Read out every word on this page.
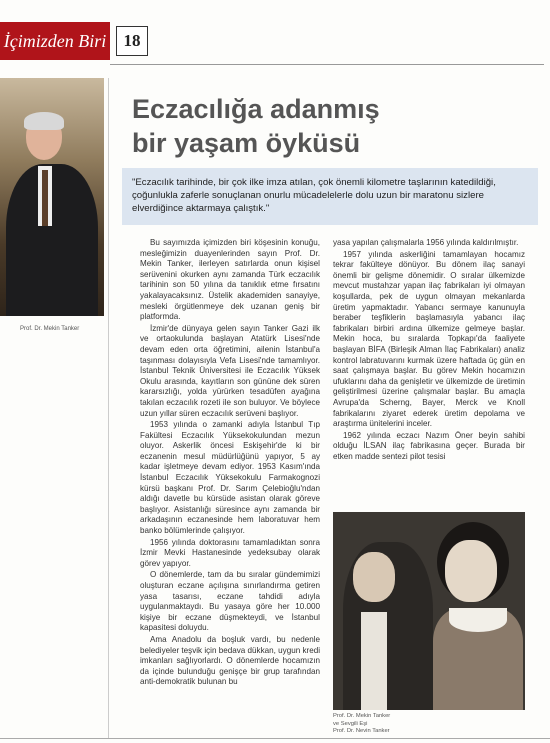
İçimizden Biri	18
Prof. Dr. Mekin Tanker
Eczacılığa adanmış
bir yaşam öyküsü
"Eczacılık tarihinde, bir çok ilke imza atılan, çok önemli kilometre taşlarının katedildiği, çoğunlukla zaferle sonuçlanan onurlu mücadelelerle dolu uzun bir maratonu sizlere elverdiğince aktarmaya çalıştık."

Bu sayımızda içimizden biri köşesinin konuğu, mesleğimizin duayenlerinden sayın Prof. Dr. Mekin Tanker, ilerleyen satırlarda onun kişisel serüvenini okurken aynı zamanda Türk eczacılık tarihinin son 50 yılına da tanıklık etme fırsatını yakalayacaksınız. Üstelik akademiden sanayiye, mesleki örgütlenmeye dek uzanan geniş bir platformda.

İzmir'de dünyaya gelen sayın Tanker Gazi ilk ve ortaokulunda başlayan Atatürk Lisesi'nde devam eden orta öğretimini, ailenin İstanbul'a taşınması dolayısıyla Vefa Lisesi'nde tamamlıyor. İstanbul Teknik Üniversitesi ile Eczacılık Yüksek Okulu arasında, kayıtların son gününe dek süren kararsızlığı, yolda yürürken tesadüfen ayağına takılan eczacılık rozeti ile son buluyor. Ve böylece uzun yıllar süren eczacılık serüveni başlıyor.

1953 yılında o zamanki adıyla İstanbul Tıp Fakültesi Eczacılık Yüksekokulundan mezun oluyor. Askerlik öncesi Eskişehir'de ki bir eczanenin mesul müdürlüğünü yapıyor, 5 ay kadar işletmeye devam ediyor. 1953 Kasım'ında İstanbul Eczacılık Yüksekokulu Farmakognozi kürsü başkanı Prof. Dr. Sarım Çelebioğlu'ndan aldığı davetle bu kürsüde asistan olarak göreve başlıyor. Asistanlığı süresince aynı zamanda bir arkadaşının eczanesinde hem laboratuvar hem banko bölümlerinde çalışıyor.

1956 yılında doktorasını tamamladıktan sonra İzmir Mevki Hastanesinde yedeksubay olarak görev yapıyor.

O dönemlerde, tam da bu sıralar gündemimizi oluşturan eczane açılışına sınırlandırma getiren yasa tasarısı, eczane tahdidi adıyla uygulanmaktaydı. Bu yasaya göre her 10.000 kişiye bir eczane düşmekteydi, ve İstanbul kapasitesi doluydu.

Ama Anadolu da boşluk vardı, bu nedenle belediyeler teşvik için bedava dükkan, uygun kredi imkanları sağlıyorlardı. O dönemlerde hocamızın da içinde bulunduğu genişçe bir grup tarafından anti-demokratik bulunan bu

yasa yapılan çalışmalarla 1956 yılında kaldırılmıştır.

1957 yılında askerliğini tamamlayan hocamız tekrar fakülteye dönüyor. Bu dönem ilaç sanayi önemli bir gelişme dönemidir. O sıralar ülkemizde mevcut mustahzar yapan ilaç fabrikaları iyi olmayan koşullarda, pek de uygun olmayan mekanlarda üretim yapmaktadır. Yabancı sermaye kanunuyla beraber teşfiklerin başlamasıyla yabancı ilaç fabrikaları birbiri ardına ülkemize gelmeye başlar. Mekin hoca, bu sıralarda Topkapı'da faaliyete başlayan BİFA (Birleşik Alman İlaç Fabrikaları) analiz kontrol labratuvarını kurmak üzere haftada üç gün en saat çalışmaya başlar. Bu görev Mekin hocamızın ufuklarını daha da genişletir ve ülkemizde de üretimin geliştirilmesi üzerine çalışmalar başlar. Bu amaçla Avrupa'da Scherng, Bayer, Merck ve Knoll fabrikalarını ziyaret ederek üretim depolama ve araştırma ünitelerini inceler.

1962 yılında eczacı Nazım Öner beyin sahibi olduğu İLSAN ilaç fabrikasına geçer. Burada bir etken madde sentezi pilot tesisi

Prof. Dr. Mekin Tanker
ve Sevgili Eşi
Prof. Dr. Nevin Tanker
